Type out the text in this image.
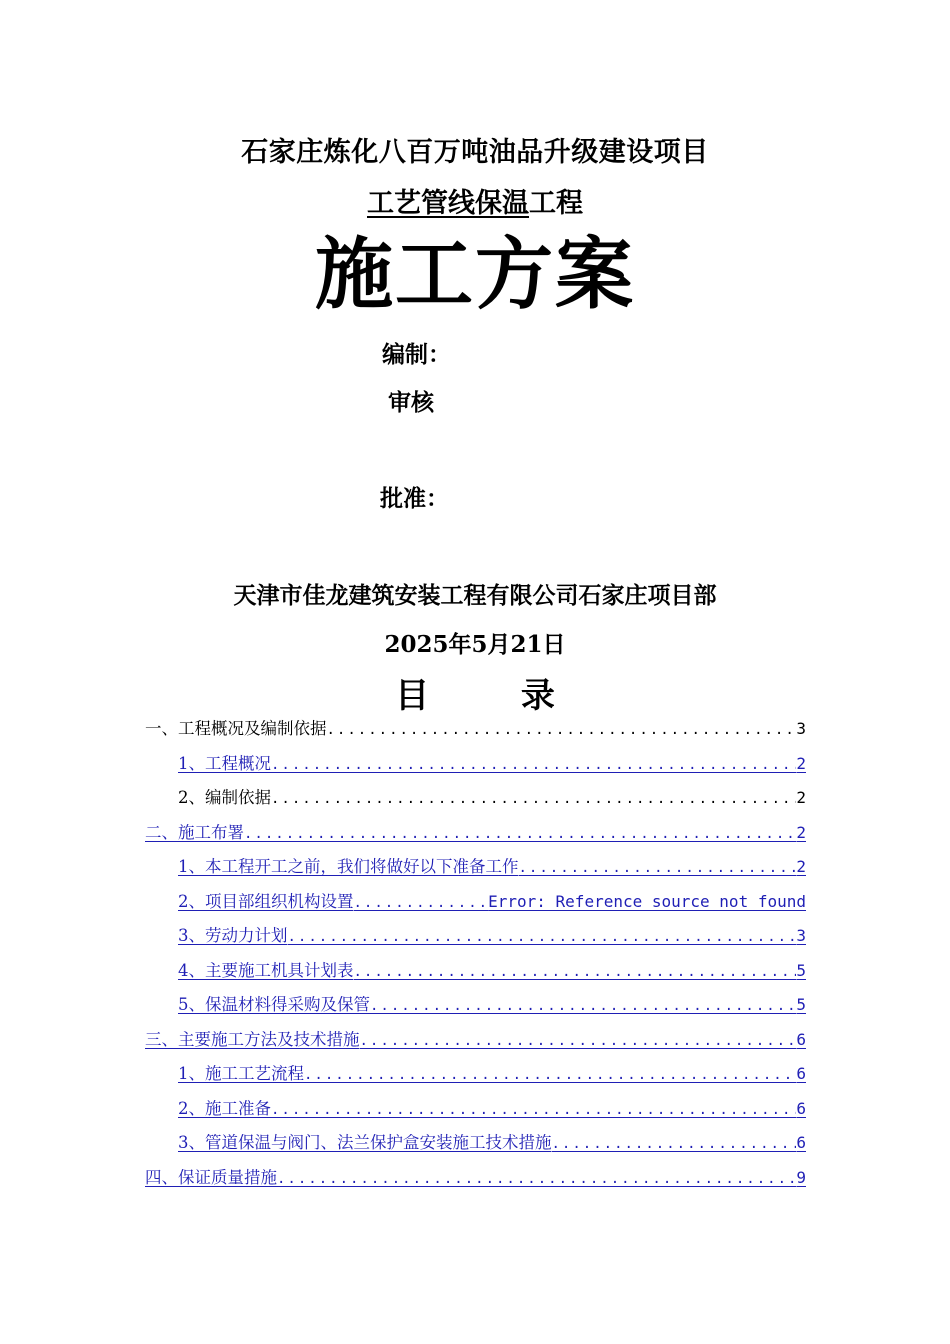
石家庄炼化八百万吨油品升级建设项目
工艺管线保温工程
施工方案
编制：
审核
批准：
天津市佳龙建筑安装工程有限公司石家庄项目部
2025年5月21日
目 录
一、工程概况及编制依据 .....	3
1、工程概况 .....	2
2、编制依据 .....	2
二、施工布署 .....	2
1、本工程开工之前，我们将做好以下准备工作 .....	2
2、项目部组织机构设置 .....	Error: Reference source not found
3、劳动力计划 .....	3
4、主要施工机具计划表 .....	5
5、保温材料得采购及保管 .....	5
三、主要施工方法及技术措施 .....	6
1、施工工艺流程 .....	6
2、施工准备 .....	6
3、管道保温与阀门、法兰保护盒安装施工技术措施 .....	6
四、保证质量措施 .....	9
